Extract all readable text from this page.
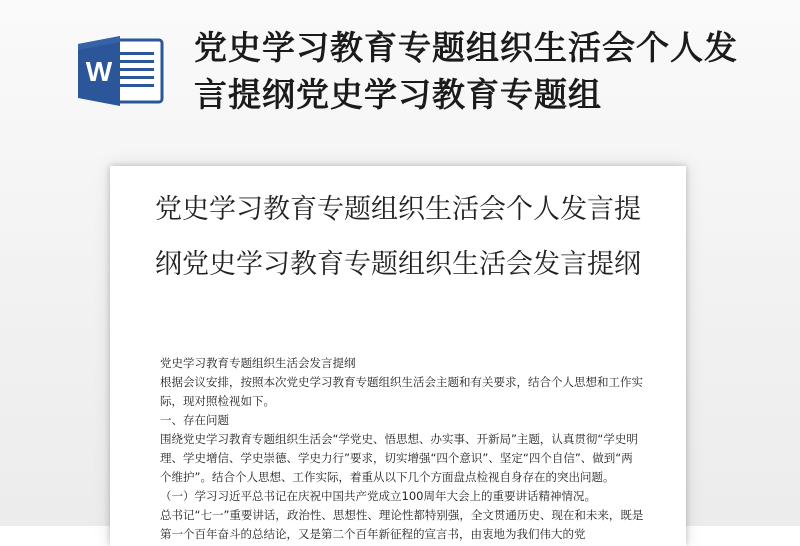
W
党史学习教育专题组织生活会个人发言提纲党史学习教育专题组
党史学习教育专题组织生活会个人发言提纲党史学习教育专题组织生活会发言提纲

党史学习教育专题组织生活会发言提纲

根据会议安排，按照本次党史学习教育专题组织生活会主题和有关要求，结合个人思想和工作实际，现对照检视如下。

一、存在问题

围绕党史学习教育专题组织生活会“学党史、悟思想、办实事、开新局”主题，认真贯彻“学史明理、学史增信、学史崇德、学史力行”要求，切实增强“四个意识”、坚定“四个自信”、做到“两个维护”。结合个人思想、工作实际，着重从以下几个方面盘点检视自身存在的突出问题。

（一）学习习近平总书记在庆祝中国共产党成立100周年大会上的重要讲话精神情况。

总书记“七一”重要讲话，政治性、思想性、理论性都特别强，全文贯通历史、现在和未来，既是第一个百年奋斗的总结论，又是第二个百年新征程的宣言书，由衷地为我们伟大的党
